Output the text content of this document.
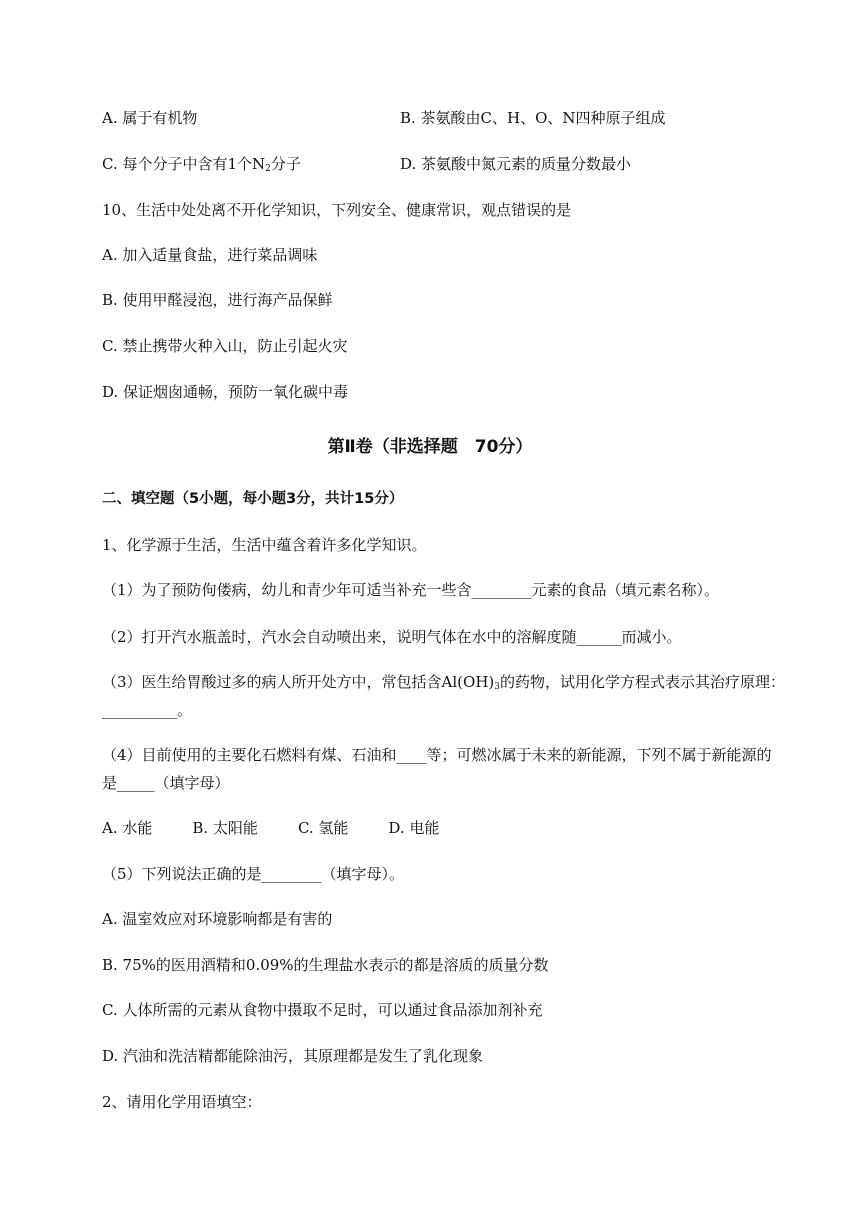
A. 属于有机物	B. 茶氨酸由C、H、O、N四种原子组成
C. 每个分子中含有1个$N_2$分子	D. 茶氨酸中氮元素的质量分数最小
10、生活中处处离不开化学知识，下列安全、健康常识，观点错误的是
A. 加入适量食盐，进行菜品调味
B. 使用甲醛浸泡，进行海产品保鲜
C. 禁止携带火种入山，防止引起火灾
D. 保证烟囱通畅，预防一氧化碳中毒
第Ⅱ卷（非选择题　70分）
二、填空题（5小题，每小题3分，共计15分）
1、化学源于生活，生活中蕴含着许多化学知识。
（1）为了预防佝偻病，幼儿和青少年可适当补充一些含________元素的食品（填元素名称）。
（2）打开汽水瓶盖时，汽水会自动喷出来，说明气体在水中的溶解度随______而减小。
（3）医生给胃酸过多的病人所开处方中，常包括含$Al(OH)_3$的药物，试用化学方程式表示其治疗原理：
__________。
（4）目前使用的主要化石燃料有煤、石油和____等；可燃冰属于未来的新能源，下列不属于新能源的
是_____（填字母）
A. 水能	B. 太阳能	C. 氢能	D. 电能
（5）下列说法正确的是________（填字母）。
A. 温室效应对环境影响都是有害的
B. 75%的医用酒精和0.09%的生理盐水表示的都是溶质的质量分数
C. 人体所需的元素从食物中摄取不足时，可以通过食品添加剂补充
D. 汽油和洗洁精都能除油污，其原理都是发生了乳化现象
2、请用化学用语填空：
